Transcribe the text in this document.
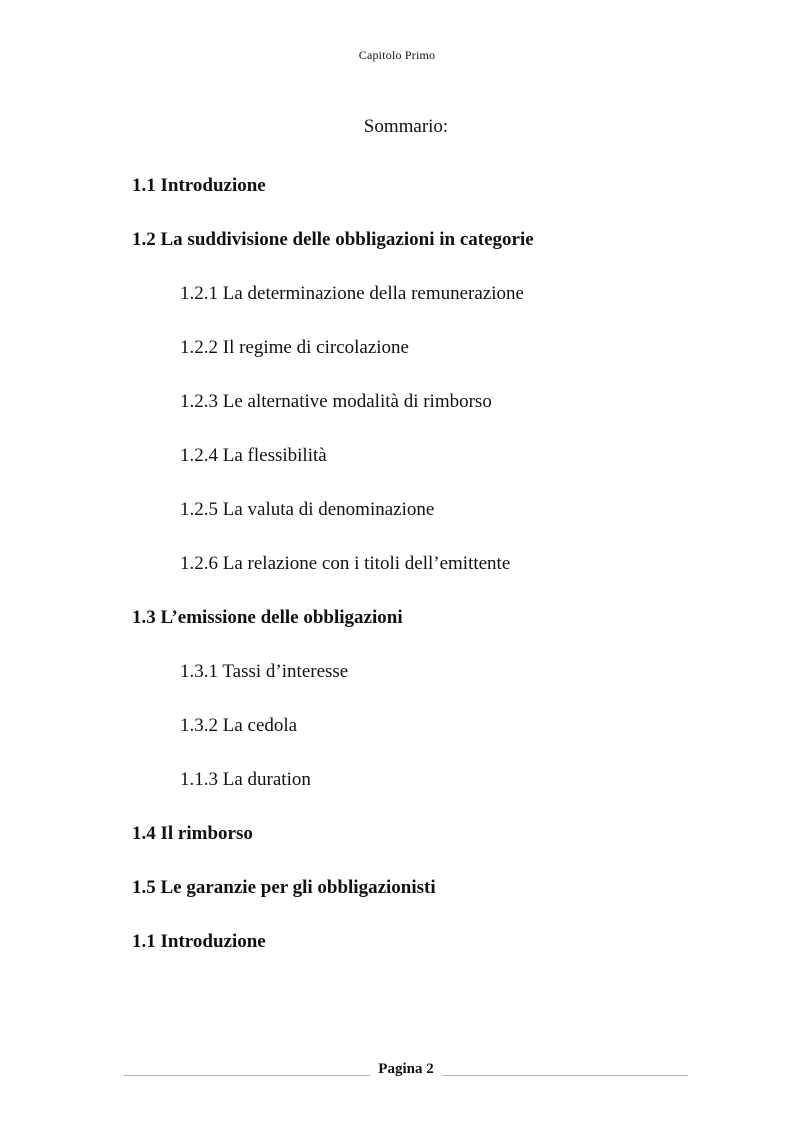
Capitolo Primo
Sommario:
1.1 Introduzione
1.2 La suddivisione delle obbligazioni in categorie
1.2.1 La determinazione della remunerazione
1.2.2 Il regime di circolazione
1.2.3 Le alternative modalità di rimborso
1.2.4 La flessibilità
1.2.5 La valuta di denominazione
1.2.6 La relazione con i titoli dell’emittente
1.3 L’emissione delle obbligazioni
1.3.1 Tassi d’interesse
1.3.2 La cedola
1.1.3 La duration
1.4 Il rimborso
1.5 Le garanzie per gli obbligazionisti
1.1 Introduzione
Pagina 2
